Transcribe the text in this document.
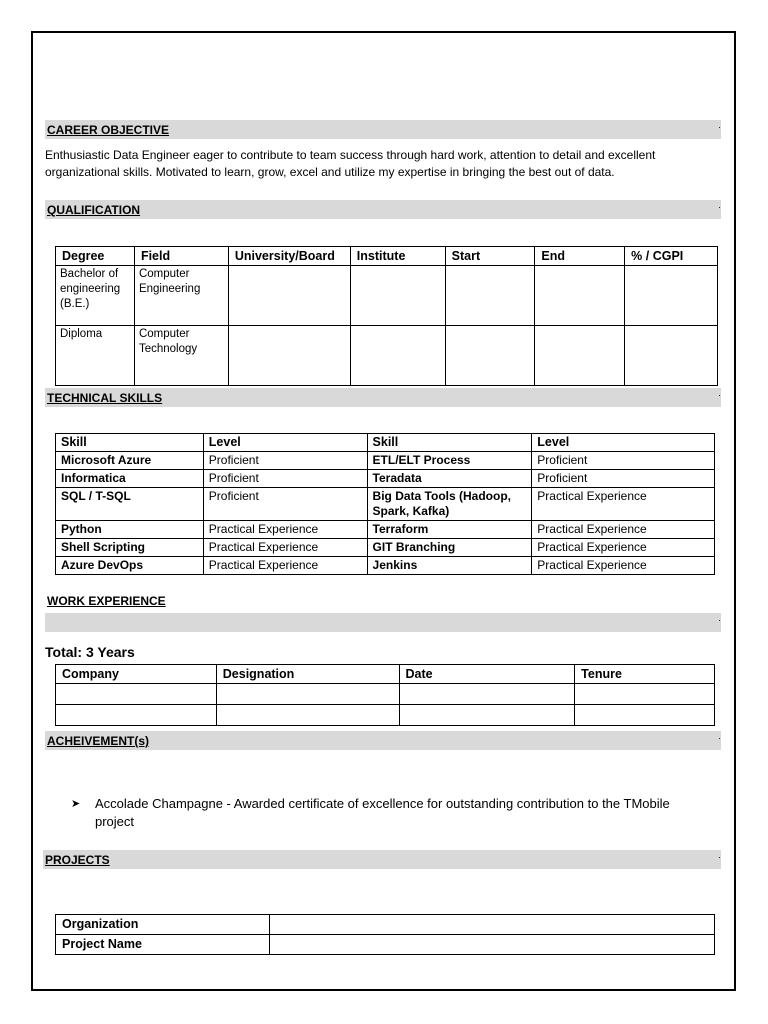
CAREER OBJECTIVE	·
Enthusiastic Data Engineer eager to contribute to team success through hard work, attention to detail and excellent organizational skills. Motivated to learn, grow, excel and utilize my expertise in bringing the best out of data.
QUALIFICATION	·
Degree	Field	University/Board	Institute	Start	End	% / CGPI
Bachelor of engineering (B.E.)	Computer Engineering					
Diploma	Computer Technology					
TECHNICAL SKILLS	·
Skill	Level	Skill	Level
Microsoft Azure	Proficient	ETL/ELT Process	Proficient
Informatica	Proficient	Teradata	Proficient
SQL / T-SQL	Proficient	Big Data Tools (Hadoop, Spark, Kafka)	Practical Experience
Python	Practical Experience	Terraform	Practical Experience
Shell Scripting	Practical Experience	GIT Branching	Practical Experience
Azure DevOps	Practical Experience	Jenkins	Practical Experience
WORK EXPERIENCE
·
Total: 3 Years
Company	Designation	Date	Tenure

ACHEIVEMENT(s)	·
➤ Accolade Champagne - Awarded certificate of excellence for outstanding contribution to the TMobile project
PROJECTS	·
Organization	
Project Name	
